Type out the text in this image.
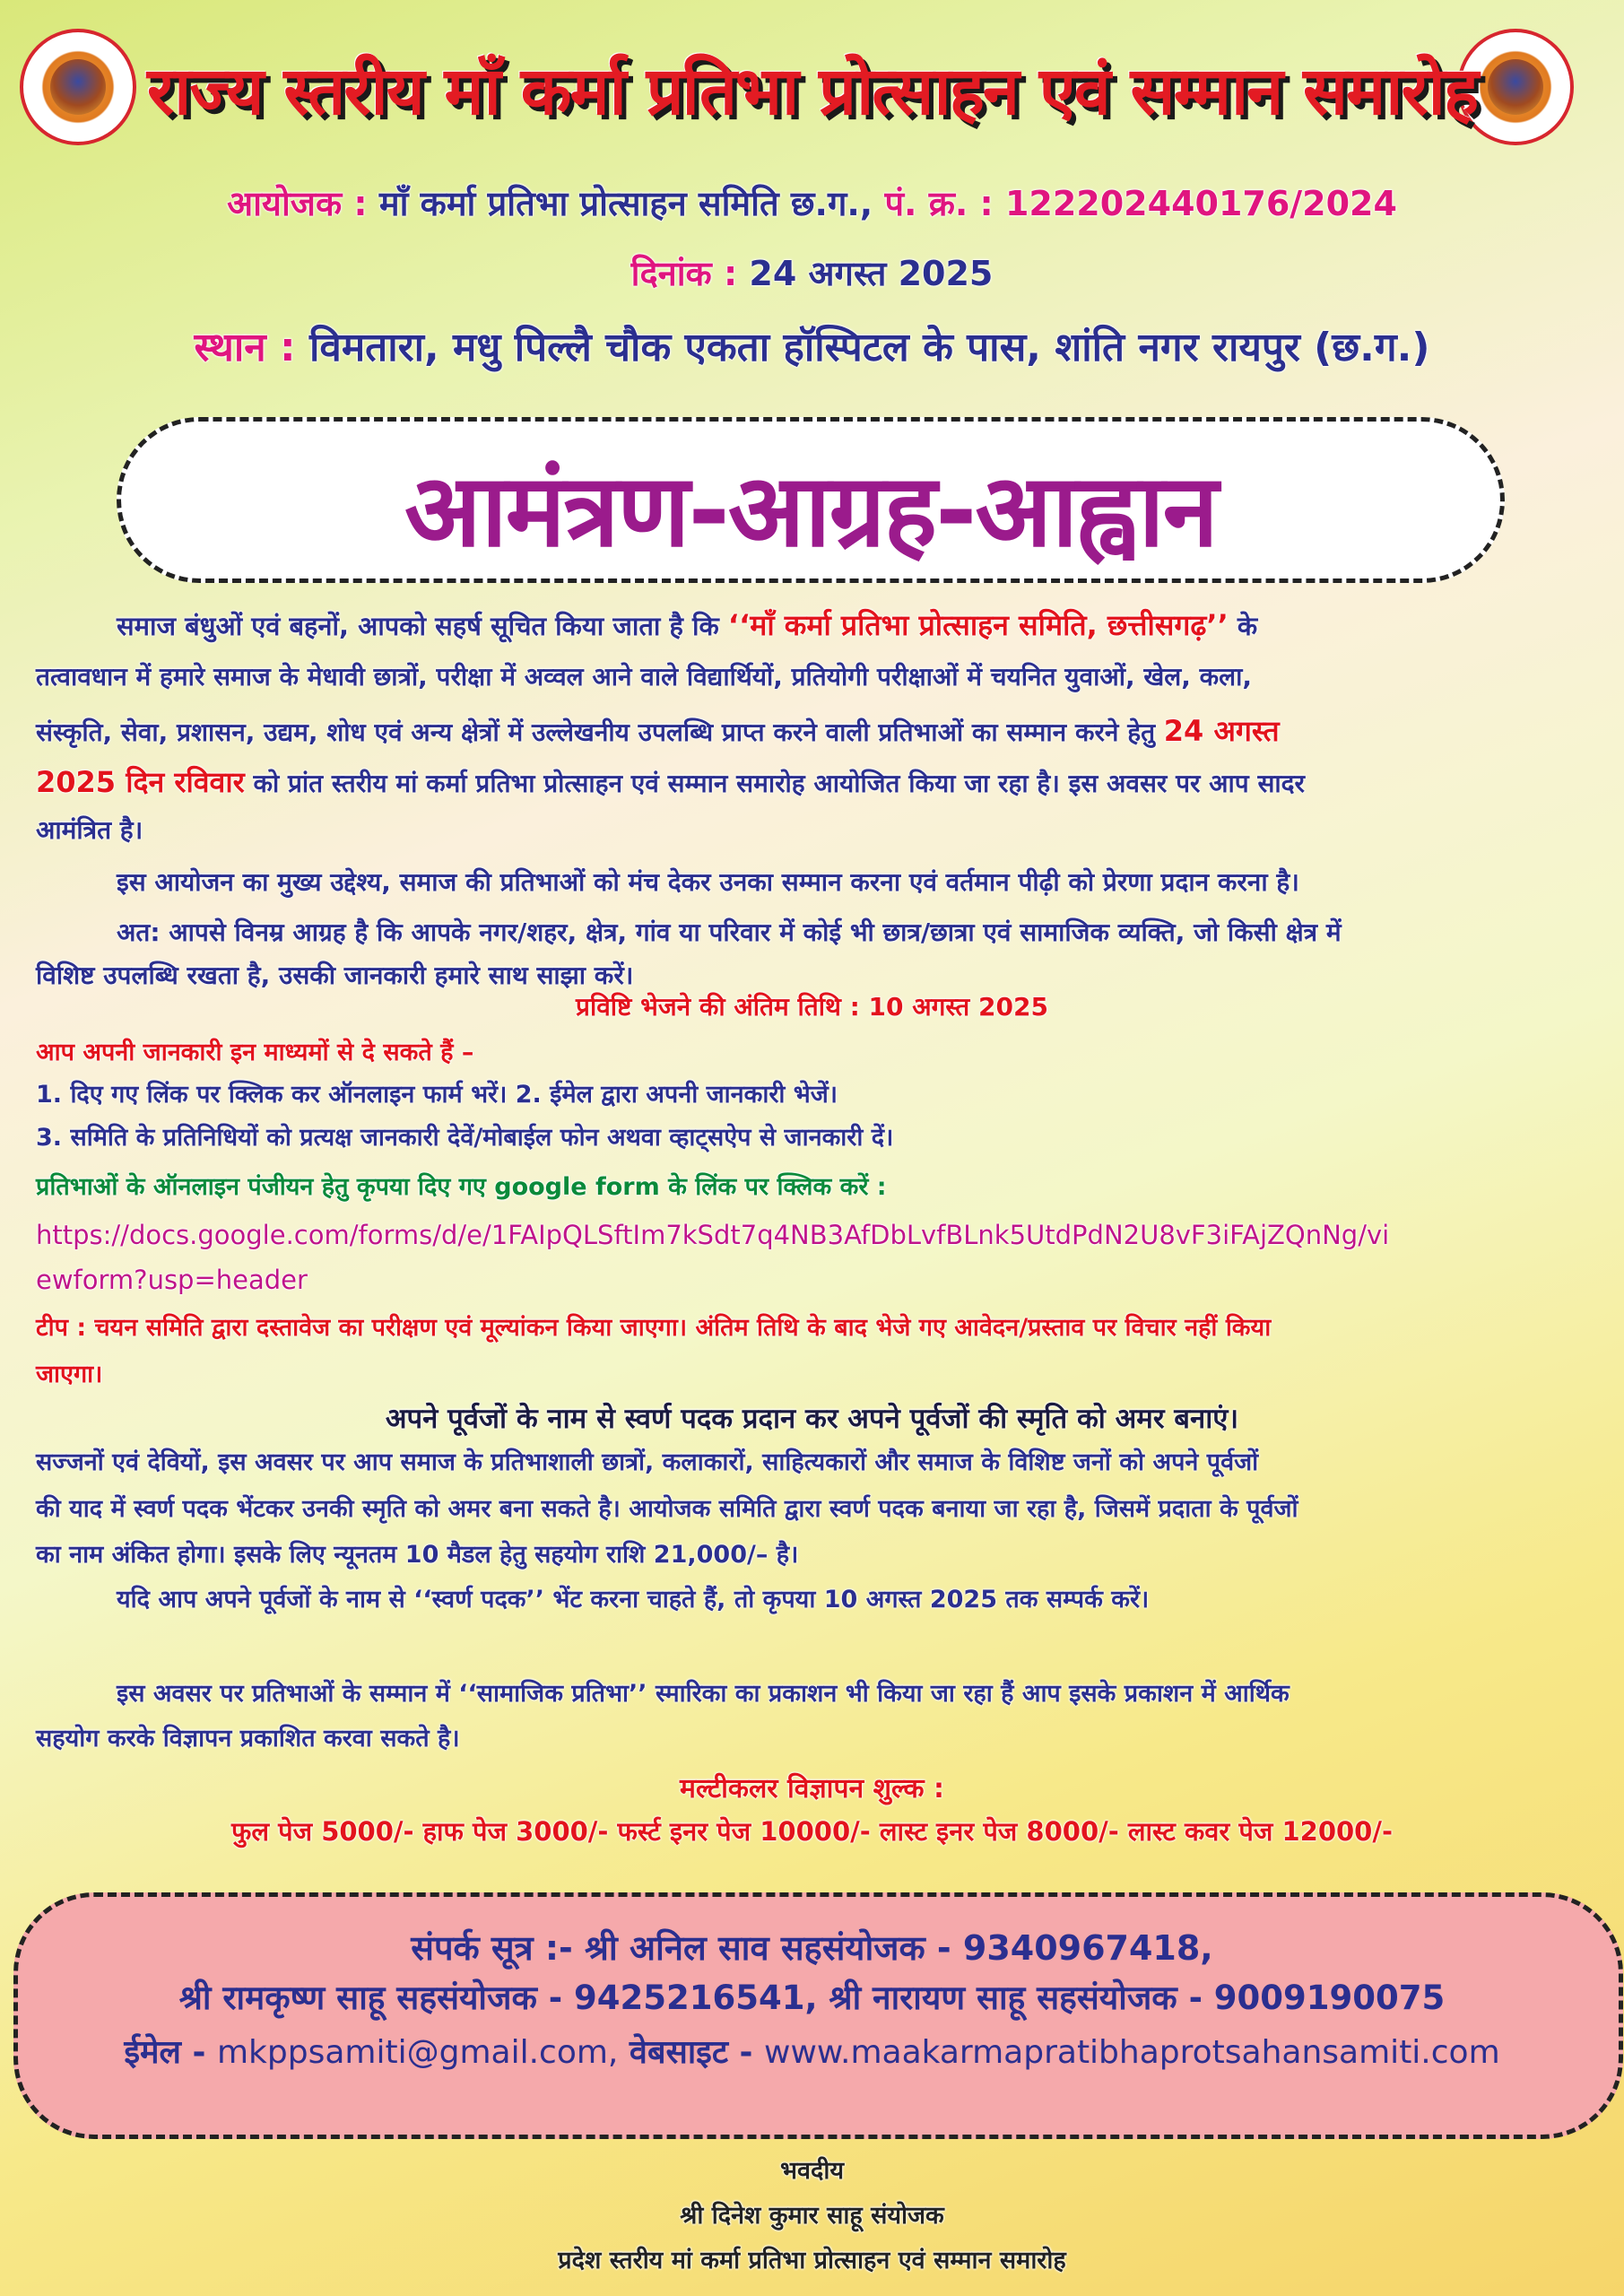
राज्य स्तरीय माँ कर्मा प्रतिभा प्रोत्साहन एवं सम्मान समारोह
आयोजक : माँ कर्मा प्रतिभा प्रोत्साहन समिति छ.ग., पं. क्र. : 122202440176/2024
दिनांक : 24 अगस्त 2025
स्थान : विमतारा, मधु पिल्लै चौक एकता हॉस्पिटल के पास, शांति नगर रायपुर (छ.ग.)
आमंत्रण-आग्रह-आह्वान
समाज बंधुओं एवं बहनों, आपको सहर्ष सूचित किया जाता है कि ‘‘माँ कर्मा प्रतिभा प्रोत्साहन समिति, छत्तीसगढ़’’ के
तत्वावधान में हमारे समाज के मेधावी छात्रों, परीक्षा में अव्वल आने वाले विद्यार्थियों, प्रतियोगी परीक्षाओं में चयनित युवाओं, खेल, कला,
संस्कृति, सेवा, प्रशासन, उद्यम, शोध एवं अन्य क्षेत्रों में उल्लेखनीय उपलब्धि प्राप्त करने वाली प्रतिभाओं का सम्मान करने हेतु 24 अगस्त
2025 दिन रविवार को प्रांत स्तरीय मां कर्मा प्रतिभा प्रोत्साहन एवं सम्मान समारोह आयोजित किया जा रहा है। इस अवसर पर आप सादर
आमंत्रित है।
इस आयोजन का मुख्य उद्देश्य, समाज की प्रतिभाओं को मंच देकर उनका सम्मान करना एवं वर्तमान पीढ़ी को प्रेरणा प्रदान करना है।
अत: आपसे विनम्र आग्रह है कि आपके नगर/शहर, क्षेत्र, गांव या परिवार में कोई भी छात्र/छात्रा एवं सामाजिक व्यक्ति, जो किसी क्षेत्र में
विशिष्ट उपलब्धि रखता है, उसकी जानकारी हमारे साथ साझा करें।
प्रविष्टि भेजने की अंतिम तिथि : 10 अगस्त 2025
आप अपनी जानकारी इन माध्यमों से दे सकते हैं –
1. दिए गए लिंक पर क्लिक कर ऑनलाइन फार्म भरें। 2. ईमेल द्वारा अपनी जानकारी भेजें।
3. समिति के प्रतिनिधियों को प्रत्यक्ष जानकारी देवें/मोबाईल फोन अथवा व्हाट्सऐप से जानकारी दें।
प्रतिभाओं के ऑनलाइन पंजीयन हेतु कृपया दिए गए google form के लिंक पर क्लिक करें :
https://docs.google.com/forms/d/e/1FAIpQLSftIm7kSdt7q4NB3AfDbLvfBLnk5UtdPdN2U8vF3iFAjZQnNg/vi
ewform?usp=header
टीप : चयन समिति द्वारा दस्तावेज का परीक्षण एवं मूल्यांकन किया जाएगा। अंतिम तिथि के बाद भेजे गए आवेदन/प्रस्ताव पर विचार नहीं किया
जाएगा।
अपने पूर्वजों के नाम से स्वर्ण पदक प्रदान कर अपने पूर्वजों की स्मृति को अमर बनाएं।
सज्जनों एवं देवियों, इस अवसर पर आप समाज के प्रतिभाशाली छात्रों, कलाकारों, साहित्यकारों और समाज के विशिष्ट जनों को अपने पूर्वजों
की याद में स्वर्ण पदक भेंटकर उनकी स्मृति को अमर बना सकते है। आयोजक समिति द्वारा स्वर्ण पदक बनाया जा रहा है, जिसमें प्रदाता के पूर्वजों
का नाम अंकित होगा। इसके लिए न्यूनतम 10 मैडल हेतु सहयोग राशि 21,000/– है।
यदि आप अपने पूर्वजों के नाम से ‘‘स्वर्ण पदक’’ भेंट करना चाहते हैं, तो कृपया 10 अगस्त 2025 तक सम्पर्क करें।
इस अवसर पर प्रतिभाओं के सम्मान में ‘‘सामाजिक प्रतिभा’’ स्मारिका का प्रकाशन भी किया जा रहा हैं आप इसके प्रकाशन में आर्थिक
सहयोग करके विज्ञापन प्रकाशित करवा सकते है।
मल्टीकलर विज्ञापन शुल्क :
फुल पेज 5000/- हाफ पेज 3000/- फर्स्ट इनर पेज 10000/- लास्ट इनर पेज 8000/- लास्ट कवर पेज 12000/-
संपर्क सूत्र :- श्री अनिल साव सहसंयोजक - 9340967418,
श्री रामकृष्ण साहू सहसंयोजक - 9425216541, श्री नारायण साहू सहसंयोजक - 9009190075
ईमेल - mkppsamiti@gmail.com, वेबसाइट - www.maakarmapratibhaprotsahansamiti.com
भवदीय
श्री दिनेश कुमार साहू संयोजक
प्रदेश स्तरीय मां कर्मा प्रतिभा प्रोत्साहन एवं सम्मान समारोह
